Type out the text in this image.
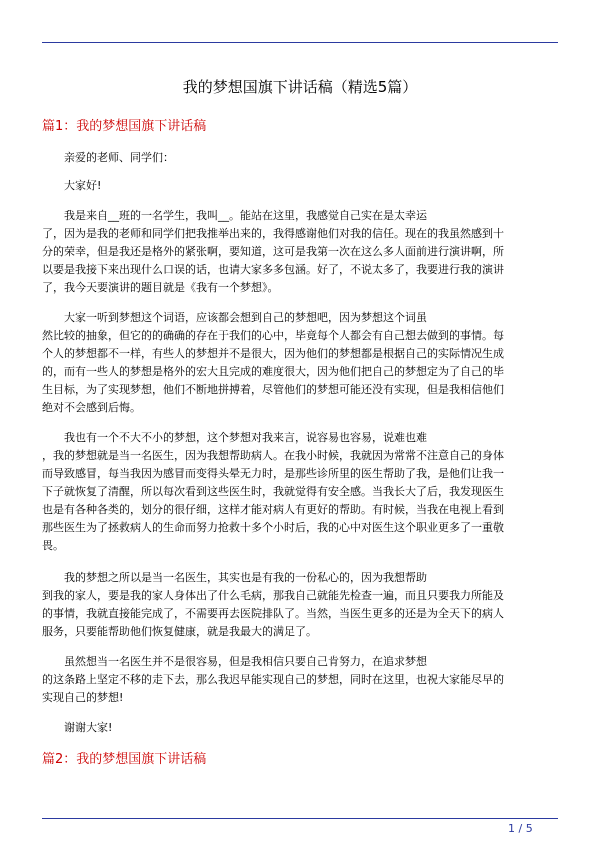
我的梦想国旗下讲话稿（精选5篇）
篇1：我的梦想国旗下讲话稿
亲爱的老师、同学们：
大家好!
我是来自__班的一名学生，我叫__。能站在这里，我感觉自己实在是太幸运
了，因为是我的老师和同学们把我推举出来的，我得感谢他们对我的信任。现在的我虽然感到十
分的荣幸，但是我还是格外的紧张啊，要知道，这可是我第一次在这么多人面前进行演讲啊，所
以要是我接下来出现什么口误的话，也请大家多多包涵。好了，不说太多了，我要进行我的演讲
了，我今天要演讲的题目就是《我有一个梦想》。
大家一听到梦想这个词语，应该都会想到自己的梦想吧，因为梦想这个词虽
然比较的抽象，但它的的确确的存在于我们的心中，毕竟每个人都会有自己想去做到的事情。每
个人的梦想都不一样，有些人的梦想并不是很大，因为他们的梦想都是根据自己的实际情况生成
的，而有一些人的梦想是格外的宏大且完成的难度很大，因为他们把自己的梦想定为了自己的毕
生目标，为了实现梦想，他们不断地拼搏着，尽管他们的梦想可能还没有实现，但是我相信他们
绝对不会感到后悔。
我也有一个不大不小的梦想，这个梦想对我来言，说容易也容易，说难也难
，我的梦想就是当一名医生，因为我想帮助病人。在我小时候，我就因为常常不注意自己的身体
而导致感冒，每当我因为感冒而变得头晕无力时，是那些诊所里的医生帮助了我，是他们让我一
下子就恢复了清醒，所以每次看到这些医生时，我就觉得有安全感。当我长大了后，我发现医生
也是有各种各类的，划分的很仔细，这样才能对病人有更好的帮助。有时候，当我在电视上看到
那些医生为了拯救病人的生命而努力抢救十多个小时后，我的心中对医生这个职业更多了一重敬
畏。
我的梦想之所以是当一名医生，其实也是有我的一份私心的，因为我想帮助
到我的家人，要是我的家人身体出了什么毛病，那我自己就能先检查一遍，而且只要我力所能及
的事情，我就直接能完成了，不需要再去医院排队了。当然，当医生更多的还是为全天下的病人
服务，只要能帮助他们恢复健康，就是我最大的满足了。
虽然想当一名医生并不是很容易，但是我相信只要自己肯努力，在追求梦想
的这条路上坚定不移的走下去，那么我迟早能实现自己的梦想，同时在这里，也祝大家能尽早的
实现自己的梦想!
谢谢大家!
篇2：我的梦想国旗下讲话稿
1 / 5
